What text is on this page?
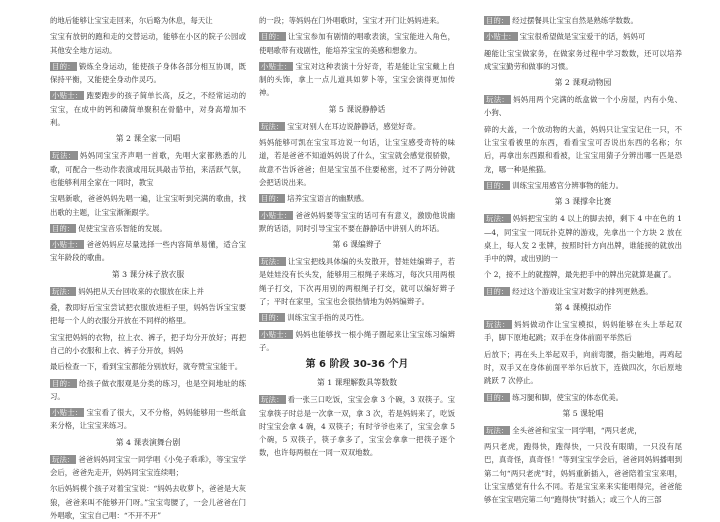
的地后能够让宝宝走回来，尔后略为休息，每天让
宝宝有放钥的跑和走的交替运动，能够在小区的院子公园或其他安全地方运动。
目的： 锻炼全身运动，能使孩子身体各部分相互协调，既保持平衡，又能使全身动作灵巧。
小贴士： 跑要跑步的孩子简单长高，反之，不经常运动的宝宝，在成中的钙和磷简单聚积在骨骼中，对身高增加不利。
第 2 课全家一同唱
玩法： 妈妈同宝宝齐声唱一首歌，先唱大家都熟悉的儿歌，可配合一些动作表演或用玩具敲击节拍，来活跃气氛，也能够利用全家在一同时，教宝
宝唱新歌，爸爸妈妈先唱一遍，让宝宝听到完满的歌曲，找出歌的主题，让宝宝渐渐跟学。
目的： 促使宝宝音乐智能的发展。
小贴士： 爸爸妈妈应尽量选择一些内容简单易懂，适合宝宝年龄段的歌曲。
第 3 课分袜子放衣服
玩法： 妈妈把从天台回收来的衣服放在床上并
叠，教即好后宝宝尝试把衣服放进柜子里，妈妈告诉宝宝要把每一个人的衣服分开放在不同样的格里。
宝宝把妈妈的衣物，拉上衣、裤子，把子均分开放好；再把自己的小衣服和上衣、裤子分开放，妈妈
最后检查一下，看到宝宝都能分别放好，就夸赞宝宝能干。
目的： 给孩子做衣服观是分类的练习，也是空间地址的练习。
小贴士： 宝宝看了很大，又不分格，妈妈能够用一些纸盒来分格，让宝宝来练习。
第 4 课表演舞台剧
玩法： 爸爸妈妈同宝宝一同学唱《小兔子乖乖》，等宝宝学会后，爸爸先走开，妈妈同宝宝连续唱；
尔后妈妈模个孩子对着宝宝说：“妈妈去收萝卜，爸爸是大灰狼，爸爸来叫不能够开门呀。”宝宝弯腰了，一会儿爸爸在门外唱歌，宝宝自己唱：“不开不开”
的一段；等妈妈在门外唱歌时，宝宝才开门让妈妈进来。
目的： 让宝宝参加有剧情的唱歌表演，宝宝能进入角色，使唱歌带有戏剧性，能培养宝宝的美感和想象力。
小贴士： 宝宝对这种表演十分好奇，若是能让宝宝戴上自制的头饰，拿上一点儿道具如萝卜等，宝宝会演得更加传神。
第 5 课说静静话
玩法： 宝宝对别人在耳边说静静话，感觉好奇。
妈妈能够可凯在宝宝耳边说一句话，让宝宝感受奇特的味道，若是爸爸不知道妈妈说了什么，宝宝就会感觉很骄傲，故意不告诉爸爸；但是宝宝虽不住要秘密，过不了两分钟就会把话说出来。
目的： 培养宝宝语言的幽默感。
小贴士： 爸爸妈妈要等宝宝的话可有有意义，激励他说幽默的话语，同时引导宝宝不要在静静话中讲别人的坏话。
第 6 课编辫子
玩法： 让宝宝把线具体编的头发散开，替娃娃编辫子，若是娃娃没有长头发，能够用三根绳子来练习，每次只用两根绳子打交，下次再用别的两根绳子打交，就可以编好辫子了；平时在家里，宝宝也会很热情地为妈妈编辫子。
目的： 训练宝宝手指的灵巧性。
小贴士： 妈妈也能够找一根小绳子圈起来让宝宝练习编辫子。
第 6 阶段 30-36 个月
第 1 课理解数具等数数
玩法： 看一张三口吃饭，宝宝会拿 3 个碗，3 双筷子。宝宝拿筷子时总是一次拿一双，拿 3 次，若是妈妈来了，吃饭时宝宝会拿 4 碗，4 双筷子；有时爷爷也来了，宝宝会拿 5 个碗，5 双筷子，筷子拿多了，宝宝会拿拿一把筷子逐个数，也许每两根在一同一双双地数。
目的： 经过摆餐具让宝宝自然是熟练学数数。
小贴士： 宝宝很希望做是宝宝爱干的话，妈妈可
趣能让宝宝做家务，在做家务过程中学习数数，还可以培养成宝宝勤劳和做事的习惯。
第 2 课观动物园
玩法： 妈妈用两个完满的纸盒做一个小房屋，内有小兔、小狗、
碎的大盖，一个放动物的大盖，妈妈只让宝宝记住一只，不让宝宝看被里的东西，看看宝宝可否说出东西的名称；尔后，再拿出东西跟和看被，让宝宝用猜子分辨出哪一匹是恐龙，哪一种是熊猫。
目的： 训练宝宝用感官分辨事物的能力。
第 3 课撑伞比赛
玩法： 妈妈把宝宝的 4 以上的脚去掉，剩下 4 中在色的 1—4，同宝宝一同玩扑克牌的游戏，先拿出一个方块 2 放在桌上，每人发 2 张牌，按照时针方向出牌，谁能接的就放出手中的牌，或出别的一
个 2，接不上的就搜牌，最先把手中的牌出完就算是赢了。
目的： 经过这个游戏让宝宝对数字的排列更熟悉。
第 4 课模拟动作
玩法： 妈妈做动作让宝宝模拟，妈妈能够在头上举起双手，脚下原地起跳；双手在身体前面平举然后
后放下；再在头上举起双手，向前弯腰，指尖触地，再鸡起时，双手又在身体前面平举尔后放下，连做四次，尔后原地跳跃 7 次停止。
目的： 练习腿和脚，使宝宝的体态优美。
第 5 课轮唱
玩法： 全头爸爸和宝宝一同学唱，“两只老虎，
两只老虎，跑得快，跑得快，一只没有眼睛，一只没有尾巴，真奇怪，真奇怪！”等到宝宝学会后，爸爸同妈妈播唱到第二句“两只老虎”时，妈妈重新插入，爸爸陪着宝宝来唱，让宝宝感觉有什么不同。若是宝宝来来实能唱得完，爸爸能够在宝宝唱完第二句“跑得快”时插入；或三个人的三部
